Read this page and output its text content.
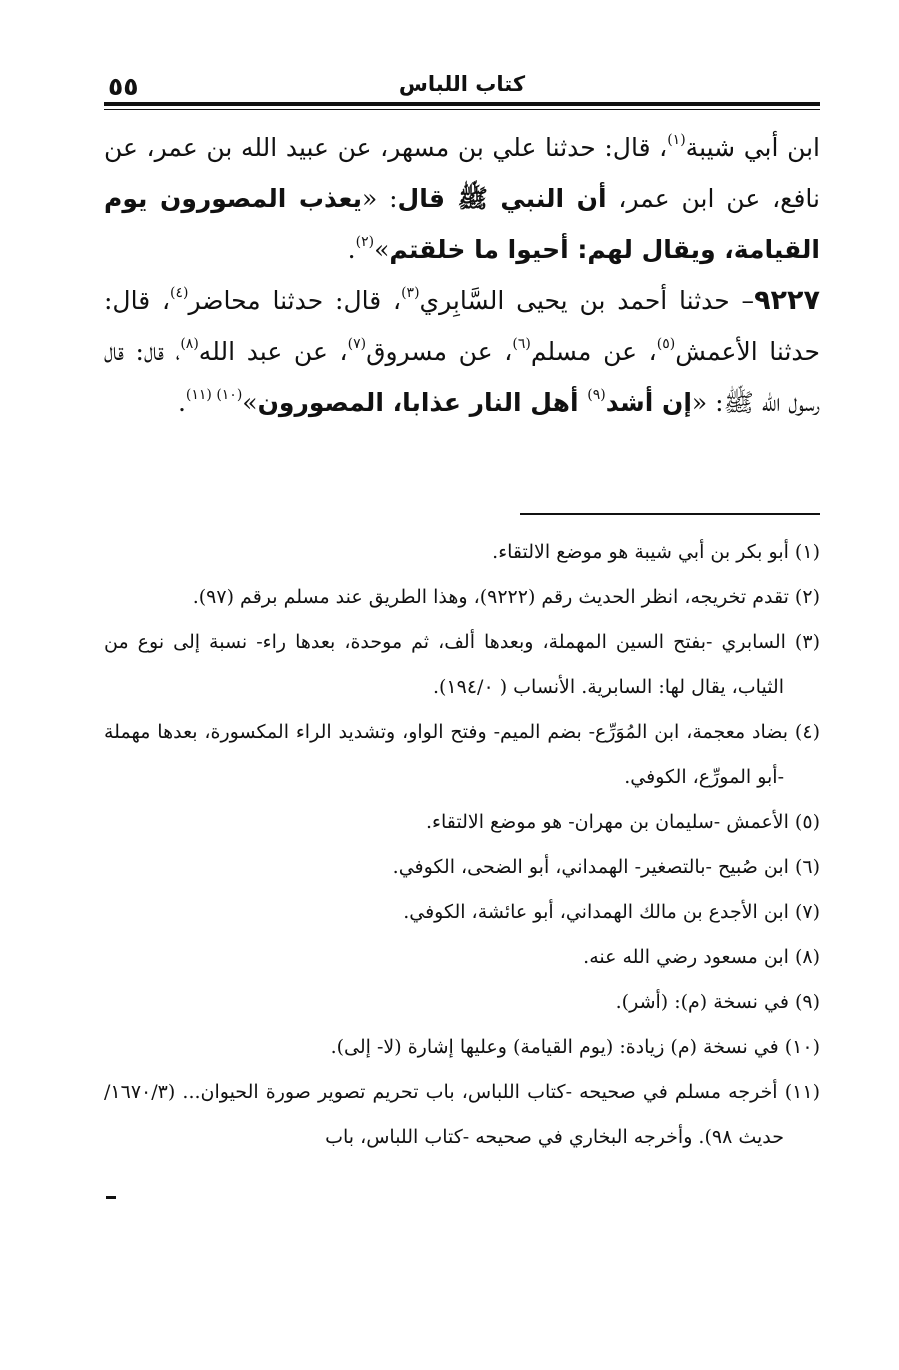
٥٥	كتاب اللباس

ابن أبي شيبة$^{(١)}$، قال: حدثنا علي بن مسهر، عن عبيد الله بن عمر، عن نافع، عن ابن عمر، أن النبي ﷺ قال: «يعذب المصورون يوم القيامة، ويقال لهم: أحيوا ما خلقتم»$^{(٢)}$.

٩٢٢٧– حدثنا أحمد بن يحيى السَّابِري$^{(٣)}$، قال: حدثنا محاضر$^{(٤)}$، قال: حدثنا الأعمش$^{(٥)}$، عن مسلم$^{(٦)}$، عن مسروق$^{(٧)}$، عن عبد الله$^{(٨)}$، قال: قال رسول الله ﷺ: «إن أشد$^{(٩)}$ أهل النار عذابا، المصورون»$^{(١٠) (١١)}$.

(١) أبو بكر بن أبي شيبة هو موضع الالتقاء.

(٢) تقدم تخريجه، انظر الحديث رقم (٩٢٢٢)، وهذا الطريق عند مسلم برقم (٩٧).

(٣) السابري -بفتح السين المهملة، وبعدها ألف، ثم موحدة، بعدها راء- نسبة إلى نوع من الثياب، يقال لها: السابرية. الأنساب ( ١٩٤/٠).

(٤) بضاد معجمة، ابن المُوَرِّع- بضم الميم- وفتح الواو، وتشديد الراء المكسورة، بعدها مهملة -أبو المورِّع، الكوفي.

(٥) الأعمش -سليمان بن مهران- هو موضع الالتقاء.

(٦) ابن صُبيح -بالتصغير- الهمداني، أبو الضحى، الكوفي.

(٧) ابن الأجدع بن مالك الهمداني، أبو عائشة، الكوفي.

(٨) ابن مسعود رضي الله عنه.

(٩) في نسخة (م): (أشر).

(١٠) في نسخة (م) زيادة: (يوم القيامة) وعليها إشارة (لا- إلى).

(١١) أخرجه مسلم في صحيحه -كتاب اللباس، باب تحريم تصوير صورة الحيوان... (١٦٧٠/٣/ حديث ٩٨). وأخرجه البخاري في صحيحه -كتاب اللباس، باب
